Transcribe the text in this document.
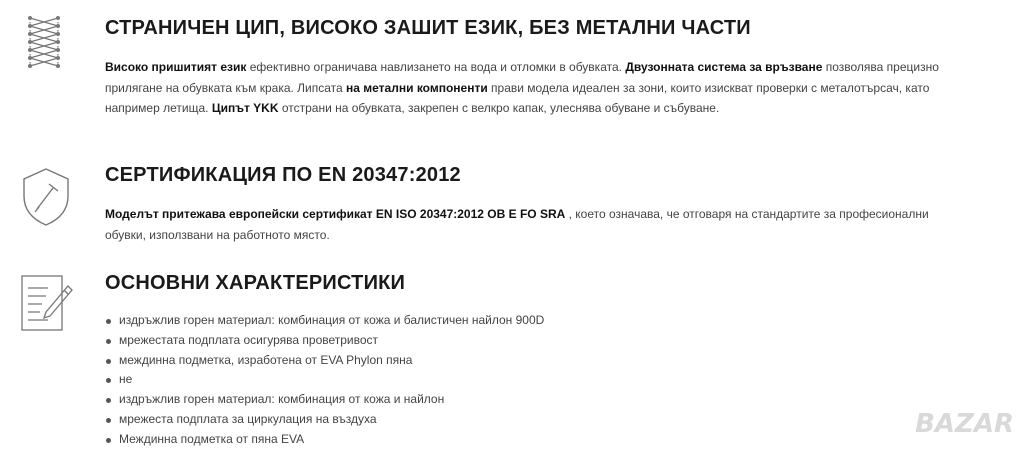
СТРАНИЧЕН ЦИП, ВИСОКО ЗАШИТ ЕЗИК, БЕЗ МЕТАЛНИ ЧАСТИ

Високо пришитият език ефективно ограничава навлизането на вода и отломки в обувката. Двузонната система за връзване позволява прецизно прилягане на обувката към крака. Липсата на метални компоненти прави модела идеален за зони, които изискват проверки с металотърсач, като например летища. Ципът YKK отстрани на обувката, закрепен с велкро капак, улеснява обуване и събуване.

СЕРТИФИКАЦИЯ ПО EN 20347:2012

Моделът притежава европейски сертификат EN ISO 20347:2012 OB E FO SRA , което означава, че отговаря на стандартите за професионални обувки, използвани на работното място.

ОСНОВНИ ХАРАКТЕРИСТИКИ
издръжлив горен материал: комбинация от кожа и балистичен найлон 900D
мрежестата подплата осигурява проветривост
междинна подметка, изработена от EVA Phylon пяна
не
издръжлив горен материал: комбинация от кожа и найлон
мрежеста подплата за циркулация на въздуха
Междинна подметка от пяна EVA	BAZAR
